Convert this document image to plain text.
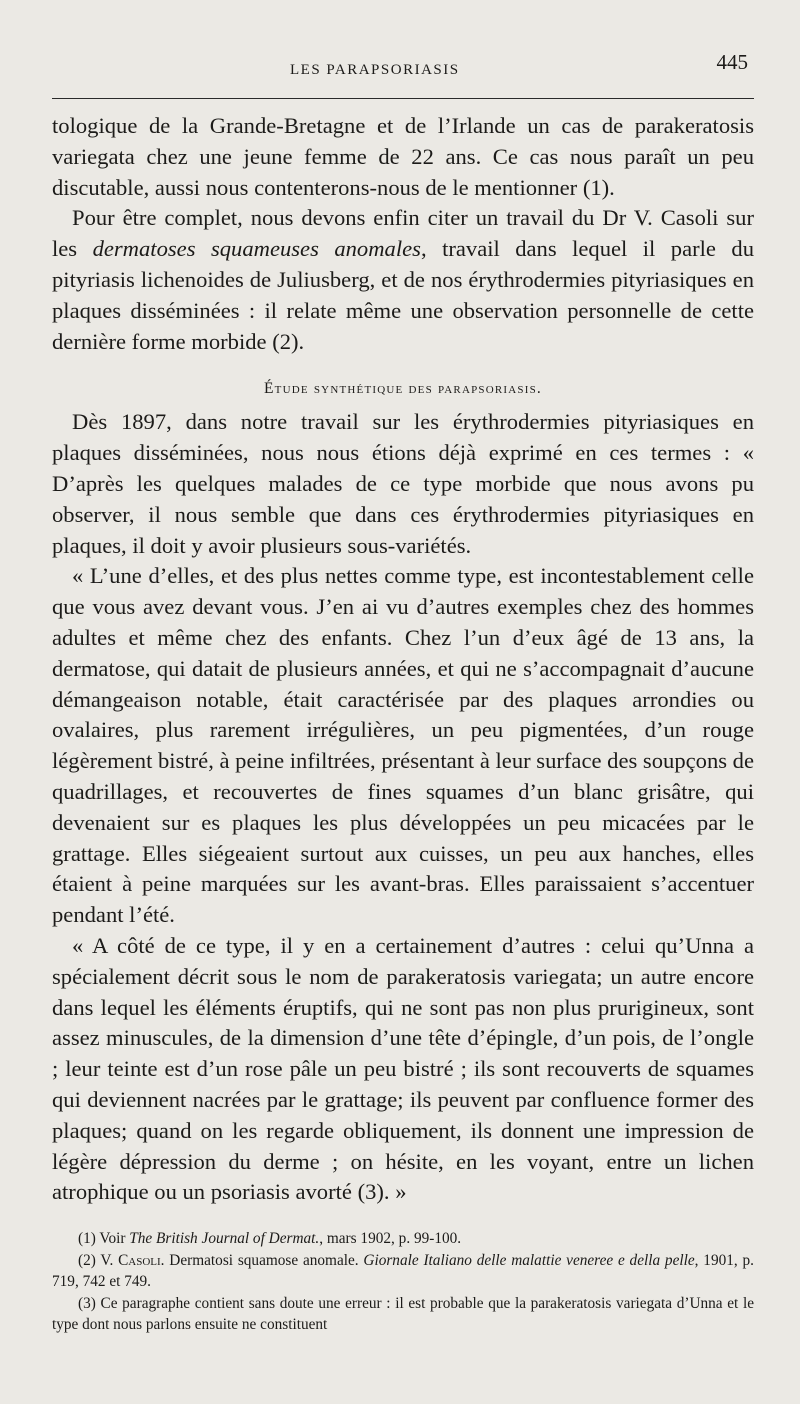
LES PARAPSORIASIS	445

tologique de la Grande-Bretagne et de l’Irlande un cas de parakeratosis variegata chez une jeune femme de 22 ans. Ce cas nous paraît un peu discutable, aussi nous contenterons-nous de le mentionner (1).

Pour être complet, nous devons enfin citer un travail du Dr V. Casoli sur les dermatoses squameuses anomales, travail dans lequel il parle du pityriasis lichenoides de Juliusberg, et de nos érythrodermies pityriasiques en plaques disséminées : il relate même une observation personnelle de cette dernière forme morbide (2).

Étude synthétique des parapsoriasis.

Dès 1897, dans notre travail sur les érythrodermies pityriasiques en plaques disséminées, nous nous étions déjà exprimé en ces termes : « D’après les quelques malades de ce type morbide que nous avons pu observer, il nous semble que dans ces érythrodermies pityriasiques en plaques, il doit y avoir plusieurs sous-variétés.

« L’une d’elles, et des plus nettes comme type, est incontestablement celle que vous avez devant vous. J’en ai vu d’autres exemples chez des hommes adultes et même chez des enfants. Chez l’un d’eux âgé de 13 ans, la dermatose, qui datait de plusieurs années, et qui ne s’accompagnait d’aucune démangeaison notable, était caractérisée par des plaques arrondies ou ovalaires, plus rarement irrégulières, un peu pigmentées, d’un rouge légèrement bistré, à peine infiltrées, présentant à leur surface des soupçons de quadrillages, et recouvertes de fines squames d’un blanc grisâtre, qui devenaient sur es plaques les plus développées un peu micacées par le grattage. Elles siégeaient surtout aux cuisses, un peu aux hanches, elles étaient à peine marquées sur les avant-bras. Elles paraissaient s’accentuer pendant l’été.

« A côté de ce type, il y en a certainement d’autres : celui qu’Unna a spécialement décrit sous le nom de parakeratosis variegata; un autre encore dans lequel les éléments éruptifs, qui ne sont pas non plus prurigineux, sont assez minuscules, de la dimension d’une tête d’épingle, d’un pois, de l’ongle ; leur teinte est d’un rose pâle un peu bistré ; ils sont recouverts de squames qui deviennent nacrées par le grattage; ils peuvent par confluence former des plaques; quand on les regarde obliquement, ils donnent une impression de légère dépression du derme ; on hésite, en les voyant, entre un lichen atrophique ou un psoriasis avorté (3). »

(1) Voir The British Journal of Dermat., mars 1902, p. 99-100.

(2) V. Casoli. Dermatosi squamose anomale. Giornale Italiano delle malattie veneree e della pelle, 1901, p. 719, 742 et 749.

(3) Ce paragraphe contient sans doute une erreur : il est probable que la parakeratosis variegata d’Unna et le type dont nous parlons ensuite ne constituent
